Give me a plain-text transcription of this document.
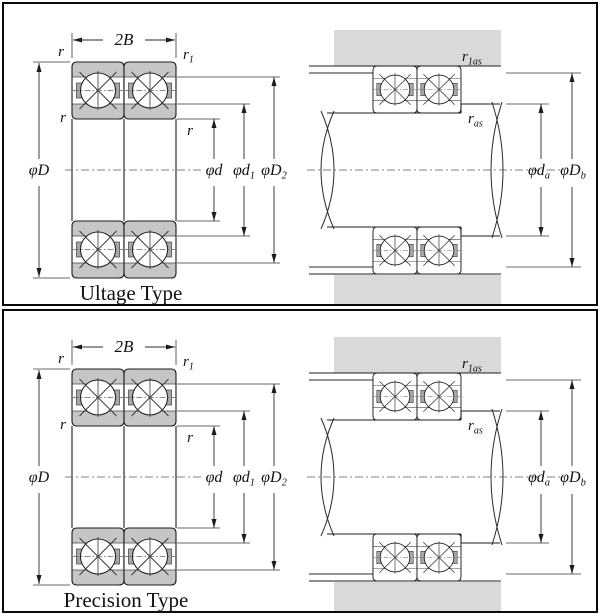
2B
r	$r_1$
r
r
φD	φd $\varphi d_1$ $\varphi D_2$
Ultage Type
$r_{1as}$
$r_{as}$
$\varphi d_a$ $\varphi D_b$
2B
r	$r_1$
r
r
φD	φd $\varphi d_1$ $\varphi D_2$
Precision Type
$r_{1as}$
$r_{as}$
$\varphi d_a$ $\varphi D_b$
